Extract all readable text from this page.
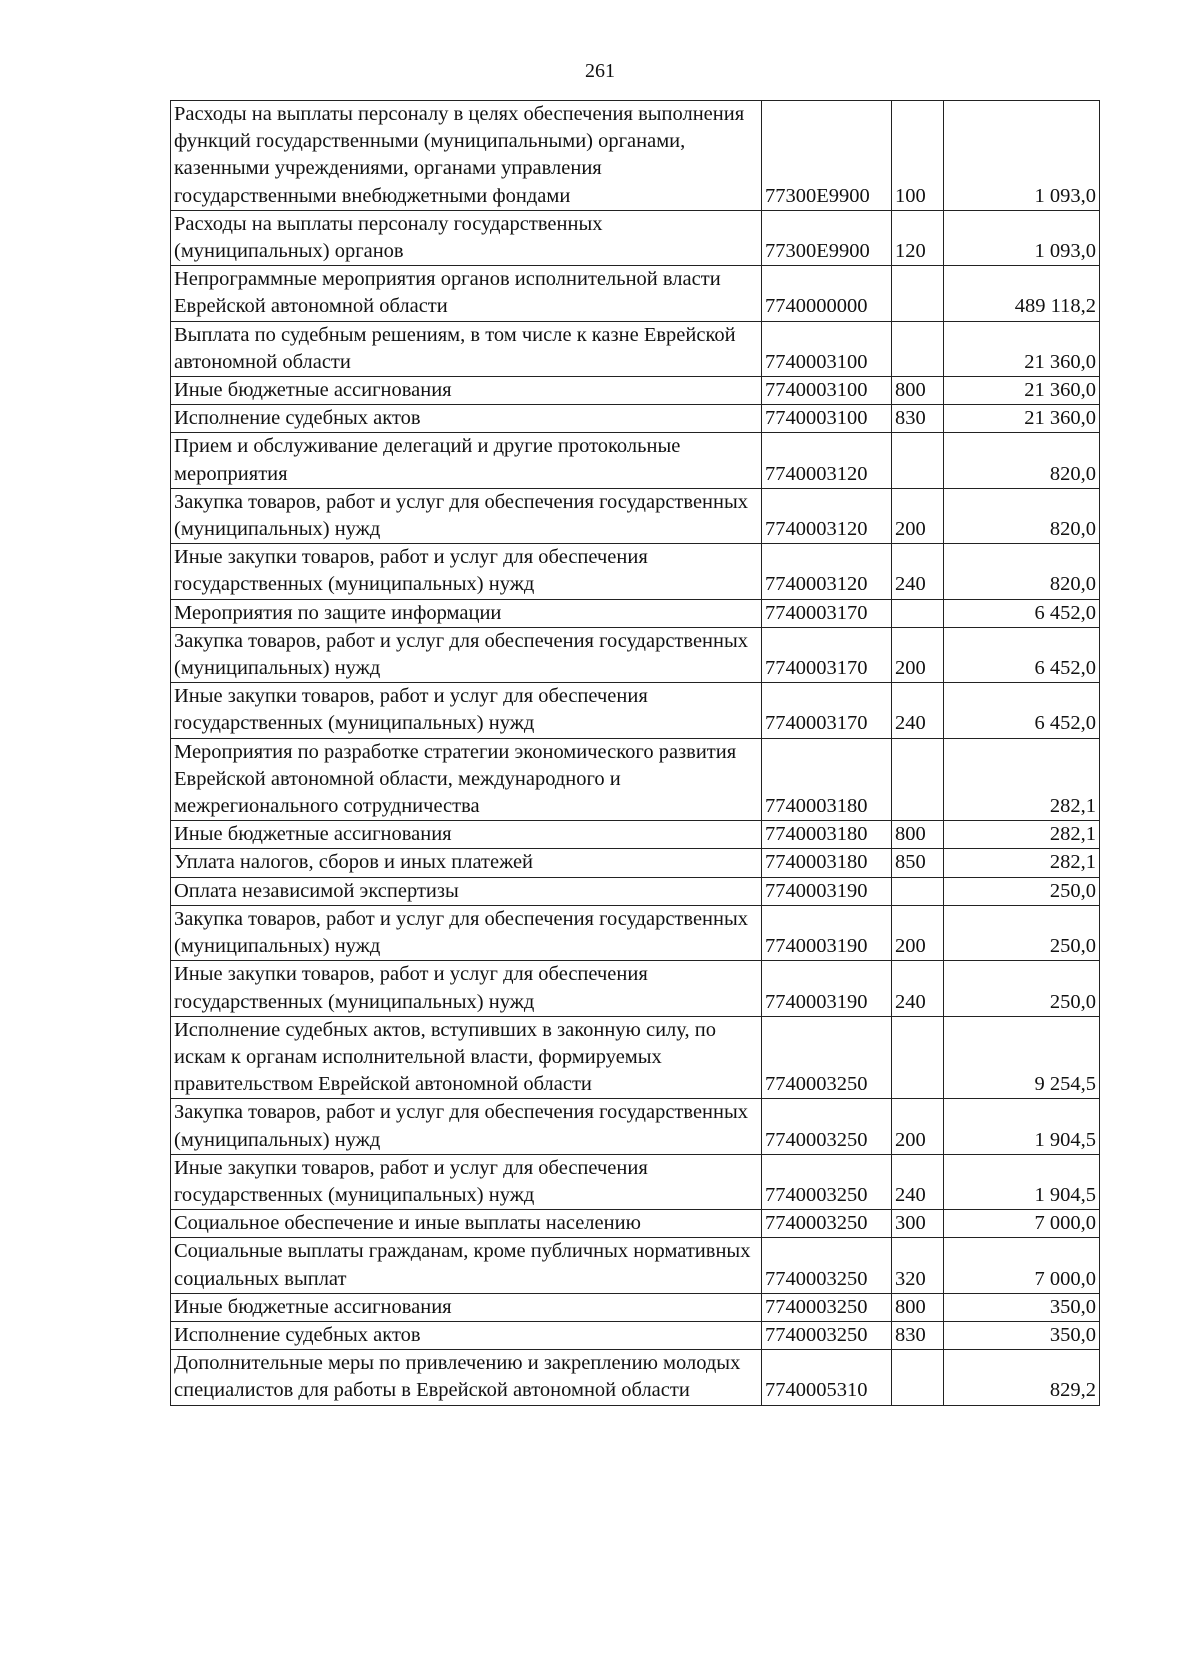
261
Расходы на выплаты персоналу в целях обеспечения выполнения функций государственными (муниципальными) органами, казенными учреждениями, органами управления государственными внебюджетными фондами	77300E9900	100	1 093,0
Расходы на выплаты персоналу государственных (муниципальных) органов	77300E9900	120	1 093,0
Непрограммные мероприятия органов исполнительной власти Еврейской автономной области	7740000000		489 118,2
Выплата по судебным решениям, в том числе к казне Еврейской автономной области	7740003100		21 360,0
Иные бюджетные ассигнования	7740003100	800	21 360,0
Исполнение судебных актов	7740003100	830	21 360,0
Прием и обслуживание делегаций и другие протокольные мероприятия	7740003120		820,0
Закупка товаров, работ и услуг для обеспечения государственных (муниципальных) нужд	7740003120	200	820,0
Иные закупки товаров, работ и услуг для обеспечения государственных (муниципальных) нужд	7740003120	240	820,0
Мероприятия по защите информации	7740003170		6 452,0
Закупка товаров, работ и услуг для обеспечения государственных (муниципальных) нужд	7740003170	200	6 452,0
Иные закупки товаров, работ и услуг для обеспечения государственных (муниципальных) нужд	7740003170	240	6 452,0
Мероприятия по разработке стратегии экономического развития Еврейской автономной области, международного и межрегионального сотрудничества	7740003180		282,1
Иные бюджетные ассигнования	7740003180	800	282,1
Уплата налогов, сборов и иных платежей	7740003180	850	282,1
Оплата независимой экспертизы	7740003190		250,0
Закупка товаров, работ и услуг для обеспечения государственных (муниципальных) нужд	7740003190	200	250,0
Иные закупки товаров, работ и услуг для обеспечения государственных (муниципальных) нужд	7740003190	240	250,0
Исполнение судебных актов, вступивших в законную силу, по искам к органам исполнительной власти, формируемых правительством Еврейской автономной области	7740003250		9 254,5
Закупка товаров, работ и услуг для обеспечения государственных (муниципальных) нужд	7740003250	200	1 904,5
Иные закупки товаров, работ и услуг для обеспечения государственных (муниципальных) нужд	7740003250	240	1 904,5
Социальное обеспечение и иные выплаты населению	7740003250	300	7 000,0
Социальные выплаты гражданам, кроме публичных нормативных социальных выплат	7740003250	320	7 000,0
Иные бюджетные ассигнования	7740003250	800	350,0
Исполнение судебных актов	7740003250	830	350,0
Дополнительные меры по привлечению и закреплению молодых специалистов для работы в Еврейской автономной области	7740005310		829,2
